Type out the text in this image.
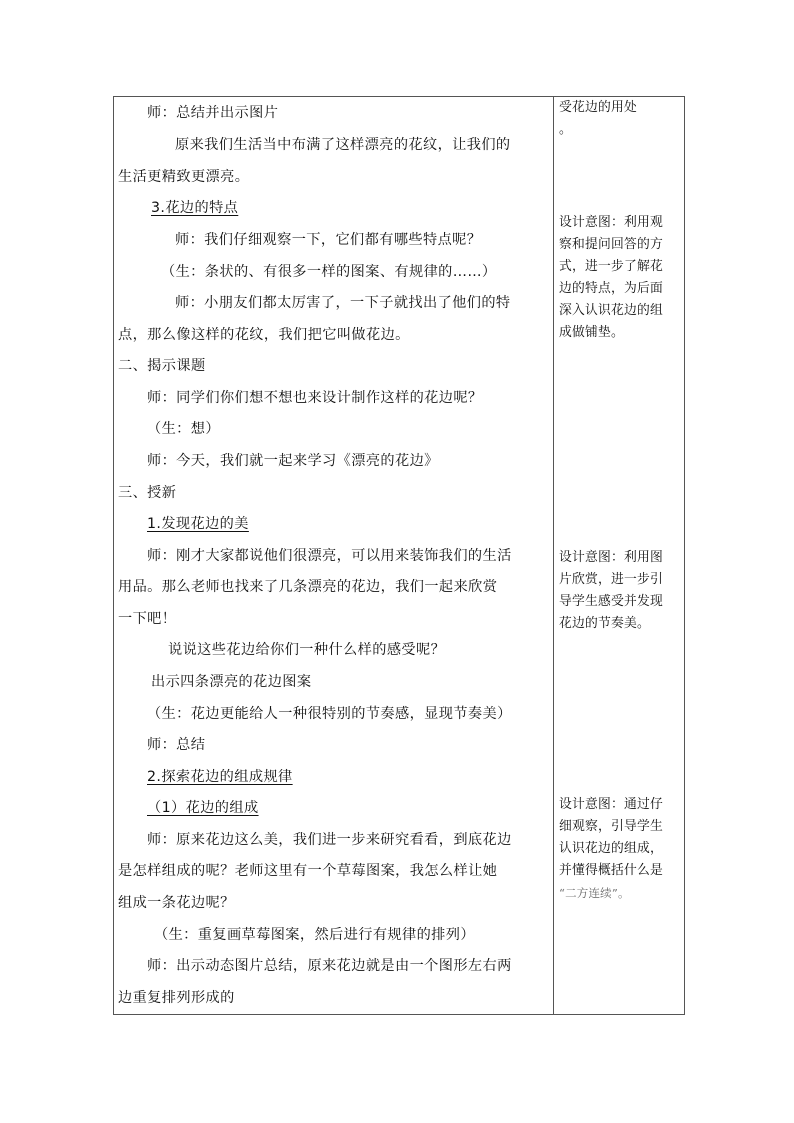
师：总结并出示图片
原来我们生活当中布满了这样漂亮的花纹，让我们的
生活更精致更漂亮。
3.花边的特点
师：我们仔细观察一下，它们都有哪些特点呢？
（生：条状的、有很多一样的图案、有规律的……）
师：小朋友们都太厉害了，一下子就找出了他们的特
点，那么像这样的花纹，我们把它叫做花边。
二、揭示课题
师：同学们你们想不想也来设计制作这样的花边呢？
（生：想）
师：今天，我们就一起来学习《漂亮的花边》
三、授新
1.发现花边的美
师：刚才大家都说他们很漂亮，可以用来装饰我们的生活
用品。那么老师也找来了几条漂亮的花边，我们一起来欣赏
一下吧！
说说这些花边给你们一种什么样的感受呢？
出示四条漂亮的花边图案
（生：花边更能给人一种很特别的节奏感，显现节奏美）
师：总结
2.探索花边的组成规律
（1）花边的组成
师：原来花边这么美，我们进一步来研究看看，到底花边
是怎样组成的呢？老师这里有一个草莓图案，我怎么样让她
组成一条花边呢？
（生：重复画草莓图案，然后进行有规律的排列）
师：出示动态图片总结，原来花边就是由一个图形左右两
边重复排列形成的
受花边的用处
。
设计意图：利用观
察和提问回答的方
式，进一步了解花
边的特点，为后面
深入认识花边的组
成做铺垫。
设计意图：利用图
片欣赏，进一步引
导学生感受并发现
花边的节奏美。
设计意图：通过仔
细观察，引导学生
认识花边的组成，
并懂得概括什么是
“二方连续”。
